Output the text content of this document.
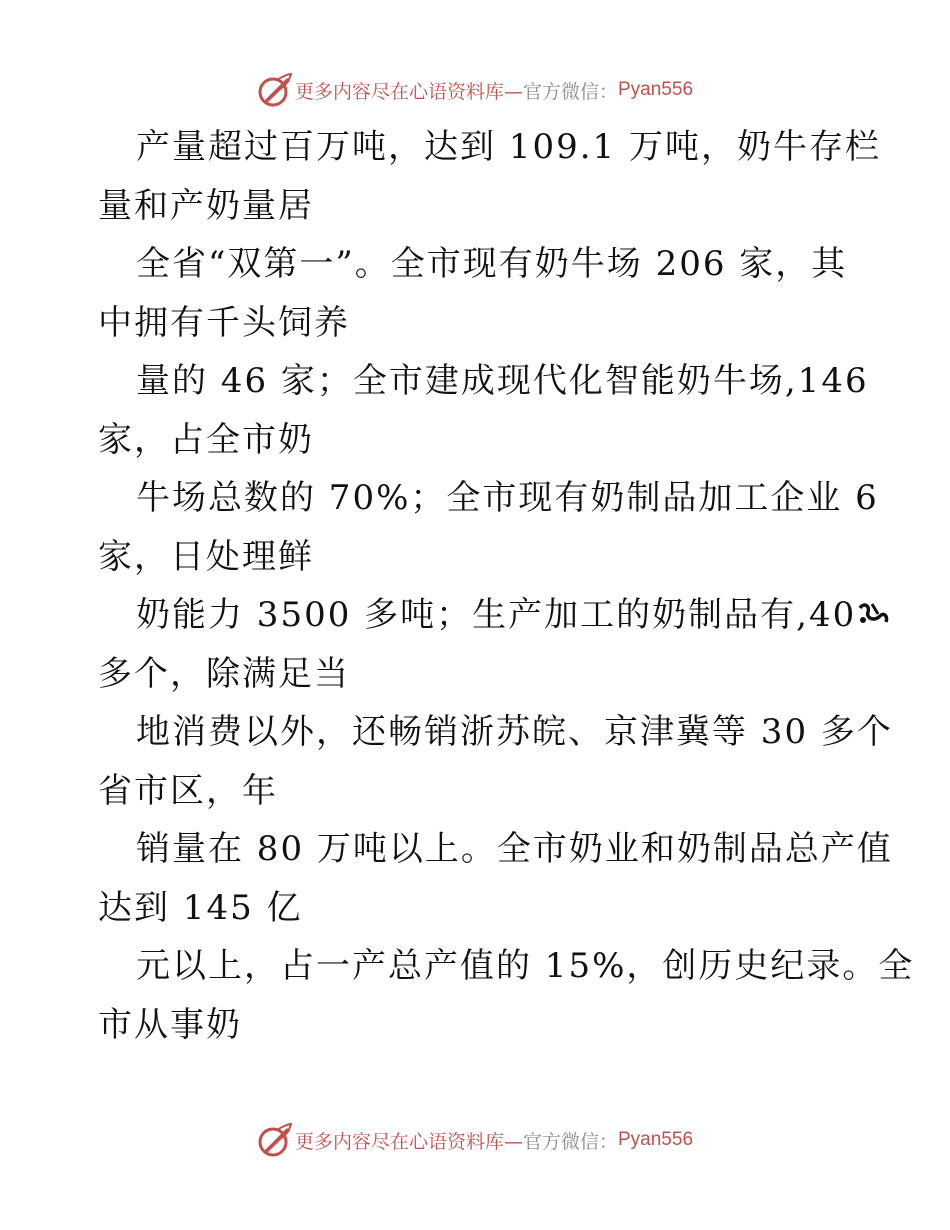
更多内容尽在心语资料库— 官方微信： Pyan556
产量超过百万吨，达到 109.1 万吨，奶牛存栏
量和产奶量居
全省“双第一”。全市现有奶牛场 206 家，其
中拥有千头饲养
量的 46 家；全市建成现代化智能奶牛场,146
家，占全市奶
牛场总数的 70%；全市现有奶制品加工企业 6
家，日处理鲜
奶能力 3500 多吨；生产加工的奶制品有,40
多个，除满足当
地消费以外，还畅销浙苏皖、京津冀等 30 多个
省市区，年
销量在 80 万吨以上。全市奶业和奶制品总产值
达到 145 亿
元以上，占一产总产值的 15%，创历史纪录。全
市从事奶
更多内容尽在心语资料库— 官方微信： Pyan556
